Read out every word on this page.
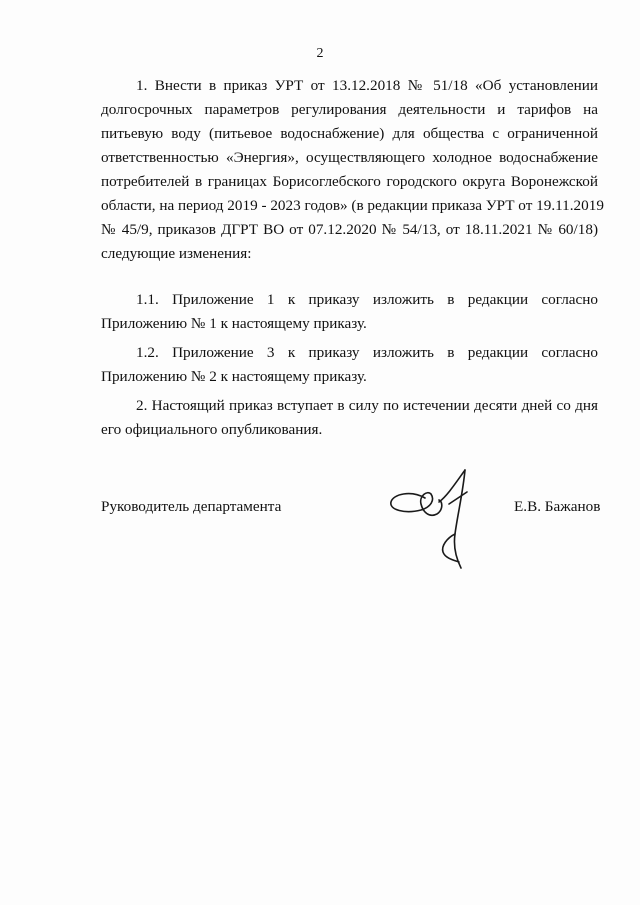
2
1. Внести в приказ УРТ от 13.12.2018 № 51/18 «Об установлении
долгосрочных параметров регулирования деятельности и тарифов на
питьевую воду (питьевое водоснабжение) для общества с ограниченной
ответственностью «Энергия», осуществляющего холодное водоснабжение
потребителей в границах Борисоглебского городского округа Воронежской
области, на период 2019 - 2023 годов» (в редакции приказа УРТ от 19.11.2019
№ 45/9, приказов ДГРТ ВО от 07.12.2020 № 54/13, от 18.11.2021 № 60/18)
следующие изменения:
1.1. Приложение 1 к приказу изложить в редакции согласно
Приложению № 1 к настоящему приказу.
1.2. Приложение 3 к приказу изложить в редакции согласно
Приложению № 2 к настоящему приказу.
2. Настоящий приказ вступает в силу по истечении десяти дней со дня
его официального опубликования.
Руководитель департамента	Е.В. Бажанов
